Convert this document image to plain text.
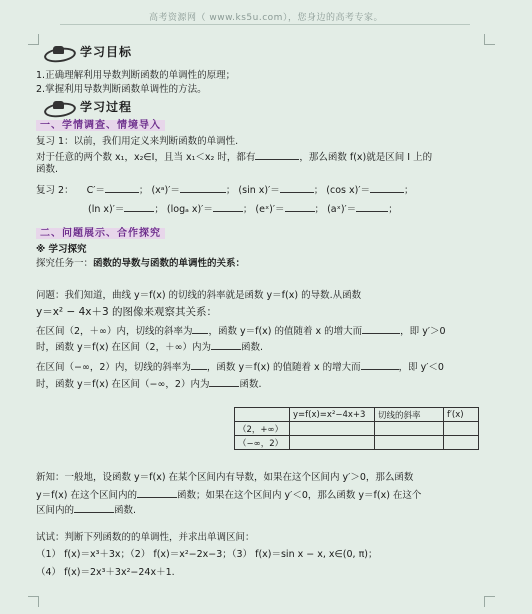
高考资源网（ www.ks5u.com），您身边的高考专家。
学习目标
1.正确理解利用导数判断函数的单调性的原理；
2.掌握利用导数判断函数单调性的方法。
学习过程
一、学情调查、情境导入
复习 1：以前，我们用定义来判断函数的单调性.
对于任意的两个数 x₁，x₂∈I，且当 x₁＜x₂ 时，都有	，那么函数 f(x)就是区间 I 上的
函数.
复习 2： C′＝	； (xᵃ)′＝	； (sin x)′＝	； (cos x)′＝	；
(ln x)′＝	； (logₐ x)′＝	； (eˣ)′＝	； (aˣ)′＝	；
二、问题展示、合作探究
※ 学习探究
探究任务一：函数的导数与函数的单调性的关系：
问题：我们知道，曲线 y＝f(x) 的切线的斜率就是函数 y＝f(x) 的导数.从函数
y＝x² − 4x＋3 的图像来观察其关系：
在区间（2，＋∞）内，切线的斜率为 ，函数 y＝f(x) 的值随着 x 的增大而	，即 y′＞0
时，函数 y＝f(x) 在区间（2，＋∞）内为	函数.
在区间（−∞，2）内，切线的斜率为 ，函数 y＝f(x) 的值随着 x 的增大而	，即 y′＜0
时，函数 y＝f(x) 在区间（−∞，2）内为	函数.
	y=f(x)=x²−4x+3	切线的斜率	f′(x)
（2，+∞）			
（−∞，2）			
新知：一般地，设函数 y＝f(x) 在某个区间内有导数，如果在这个区间内 y′＞0，那么函数
y＝f(x) 在这个区间内的	函数；如果在这个区间内 y′＜0，那么函数 y＝f(x) 在这个
区间内的	函数.
试试：判断下列函数的的单调性，并求出单调区间：
（1） f(x)＝x³＋3x；（2） f(x)＝x²−2x−3；（3） f(x)＝sin x − x, x∈(0, π)；
（4） f(x)＝2x³＋3x²−24x＋1.
